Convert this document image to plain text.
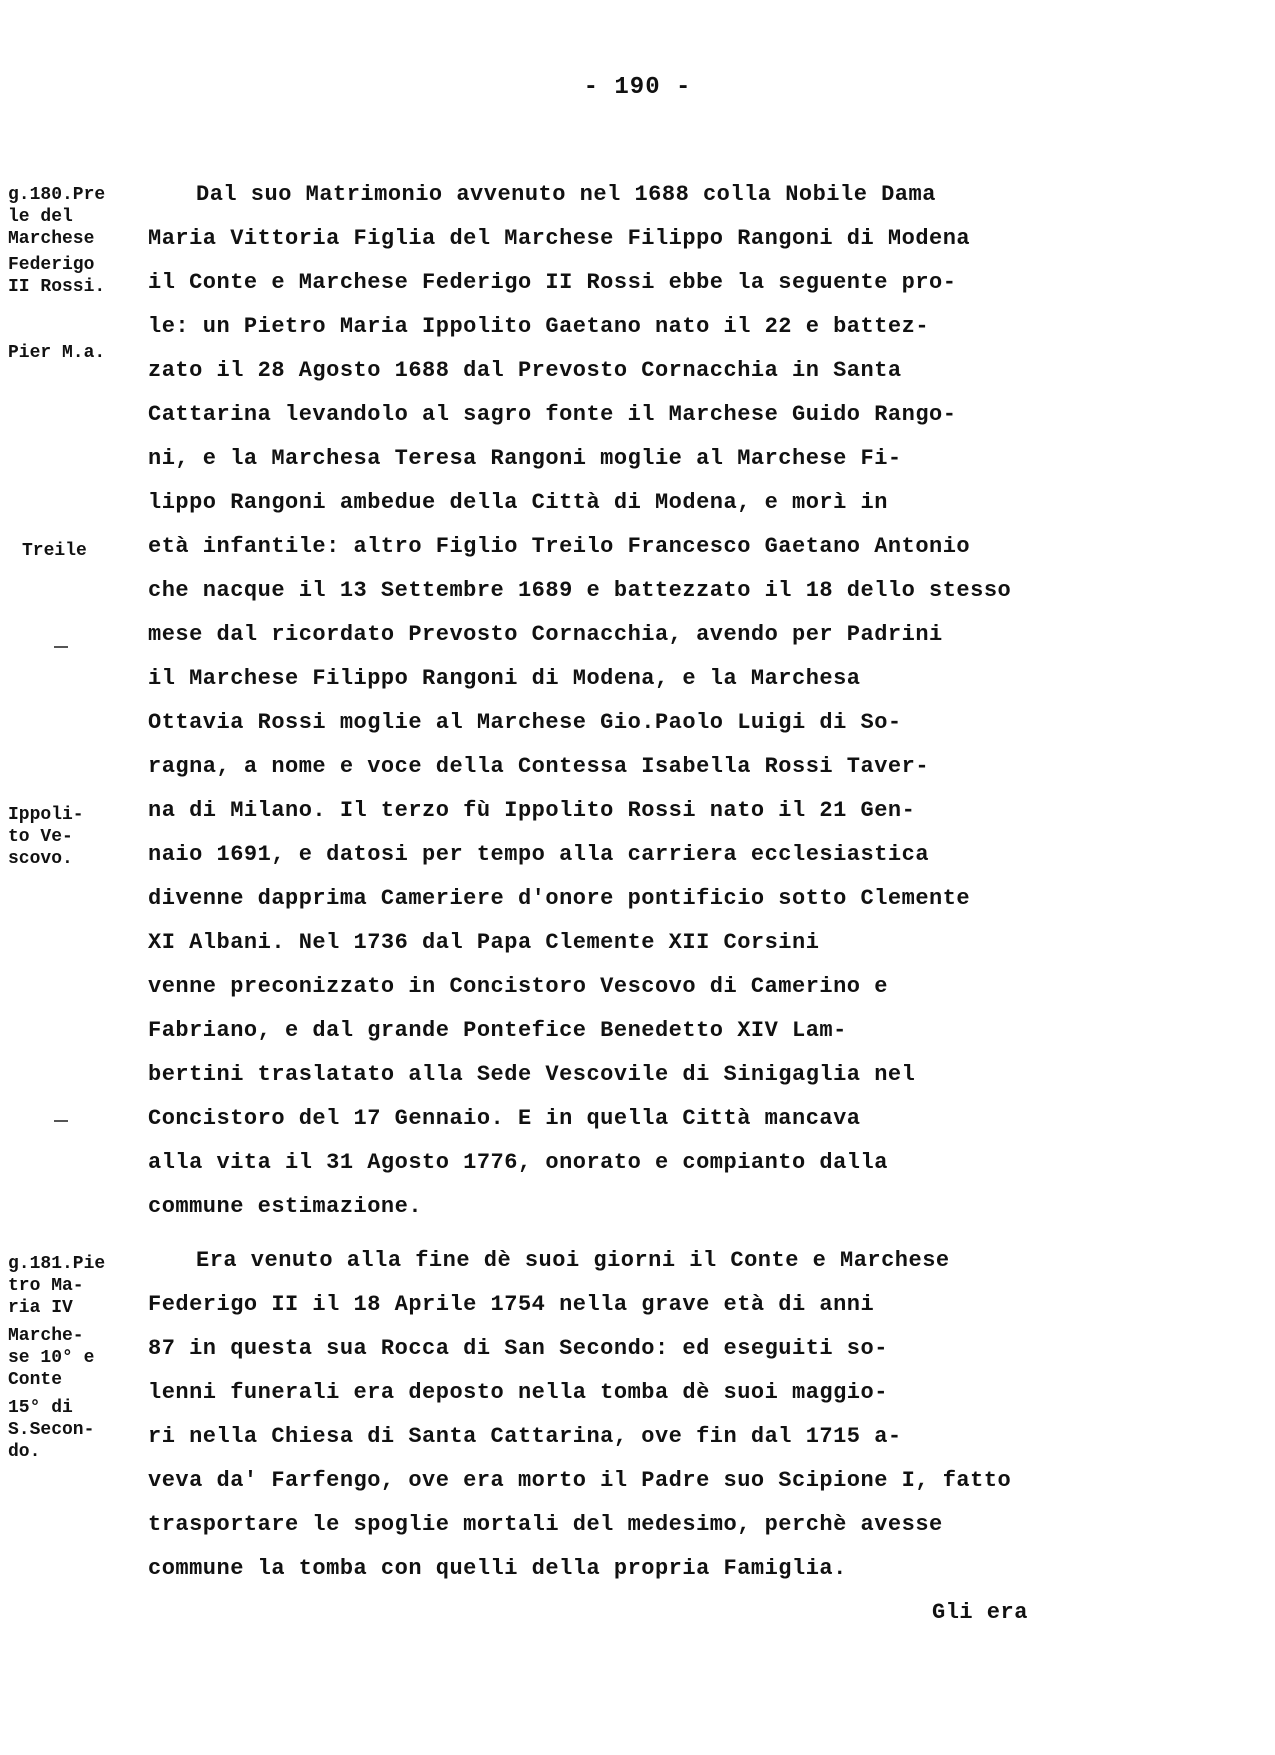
- 190 -
g.180.Pre
le del
Marchese
Federigo
II Rossi.
Pier M.a.
Treile
Ippoli-
to Ve-
scovo.
g.181.Pie
tro Ma-
ria IV
Marche-
se 10° e
Conte
15° di
S.Secon-
do.
Dal suo Matrimonio avvenuto nel 1688 colla Nobile Dama
Maria Vittoria Figlia del Marchese Filippo Rangoni di Modena
il Conte e Marchese Federigo II Rossi ebbe la seguente pro-
le: un Pietro Maria Ippolito Gaetano nato il 22 e battez-
zato il 28 Agosto 1688 dal Prevosto Cornacchia in Santa
Cattarina levandolo al sagro fonte il Marchese Guido Rango-
ni, e la Marchesa Teresa Rangoni moglie al Marchese Fi-
lippo Rangoni ambedue della Città di Modena, e morì in
età infantile: altro Figlio Treilo Francesco Gaetano Antonio
che nacque il 13 Settembre 1689 e battezzato il 18 dello stesso
mese dal ricordato Prevosto Cornacchia, avendo per Padrini
il Marchese Filippo Rangoni di Modena, e la Marchesa
Ottavia Rossi moglie al Marchese Gio.Paolo Luigi di So-
ragna, a nome e voce della Contessa Isabella Rossi Taver-
na di Milano. Il terzo fù Ippolito Rossi nato il 21 Gen-
naio 1691, e datosi per tempo alla carriera ecclesiastica
divenne dapprima Cameriere d'onore pontificio sotto Clemente
XI Albani. Nel 1736 dal Papa Clemente XII Corsini
venne preconizzato in Concistoro Vescovo di Camerino e
Fabriano, e dal grande Pontefice Benedetto XIV Lam-
bertini traslatato alla Sede Vescovile di Sinigaglia nel
Concistoro del 17 Gennaio. E in quella Città mancava
alla vita il 31 Agosto 1776, onorato e compianto dalla
commune estimazione.
Era venuto alla fine dè suoi giorni il Conte e Marchese
Federigo II il 18 Aprile 1754 nella grave età di anni
87 in questa sua Rocca di San Secondo: ed eseguiti so-
lenni funerali era deposto nella tomba dè suoi maggio-
ri nella Chiesa di Santa Cattarina, ove fin dal 1715 a-
veva da' Farfengo, ove era morto il Padre suo Scipione I, fatto
trasportare le spoglie mortali del medesimo, perchè avesse
commune la tomba con quelli della propria Famiglia.
Gli era
